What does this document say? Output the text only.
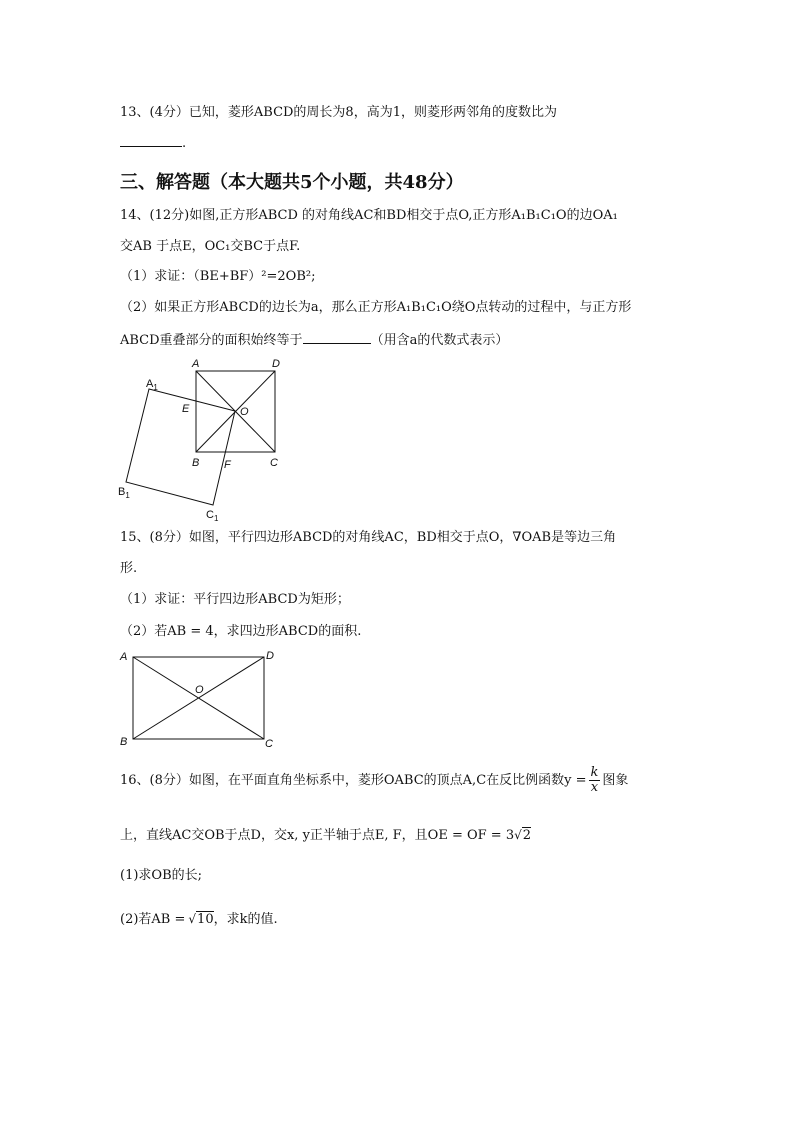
13、(4分）已知，菱形ABCD的周长为8，高为1，则菱形两邻角的度数比为
.
三、解答题（本大题共5个小题，共48分）
14、(12分)如图,正方形ABCD 的对角线AC和BD相交于点O,正方形A₁B₁C₁O的边OA₁
交AB 于点E，OC₁交BC于点F.
（1）求证：（BE+BF）²=2OB²;
（2）如果正方形ABCD的边长为a，那么正方形A₁B₁C₁O绕O点转动的过程中，与正方形
ABCD重叠部分的面积始终等于	（用含a的代数式表示）
A	D
E	O
B F	C
$A_1$
$B_1$
$C_1$
15、(8分）如图，平行四边形ABCD的对角线AC，BD相交于点O，∇OAB是等边三角
形.
（1）求证：平行四边形ABCD为矩形；
（2）若AB = 4，求四边形ABCD的面积.
A	D
O
B	C
16、(8分）如图，在平面直角坐标系中，菱形OABC的顶点A,C在反比例函数$y = \frac{k}{x}$ 图象
上，直线AC交OB于点D，交x, y正半轴于点E, F，且OE = OF = 3√2
(1)求OB的长;
(2)若AB = √10，求k的值.
